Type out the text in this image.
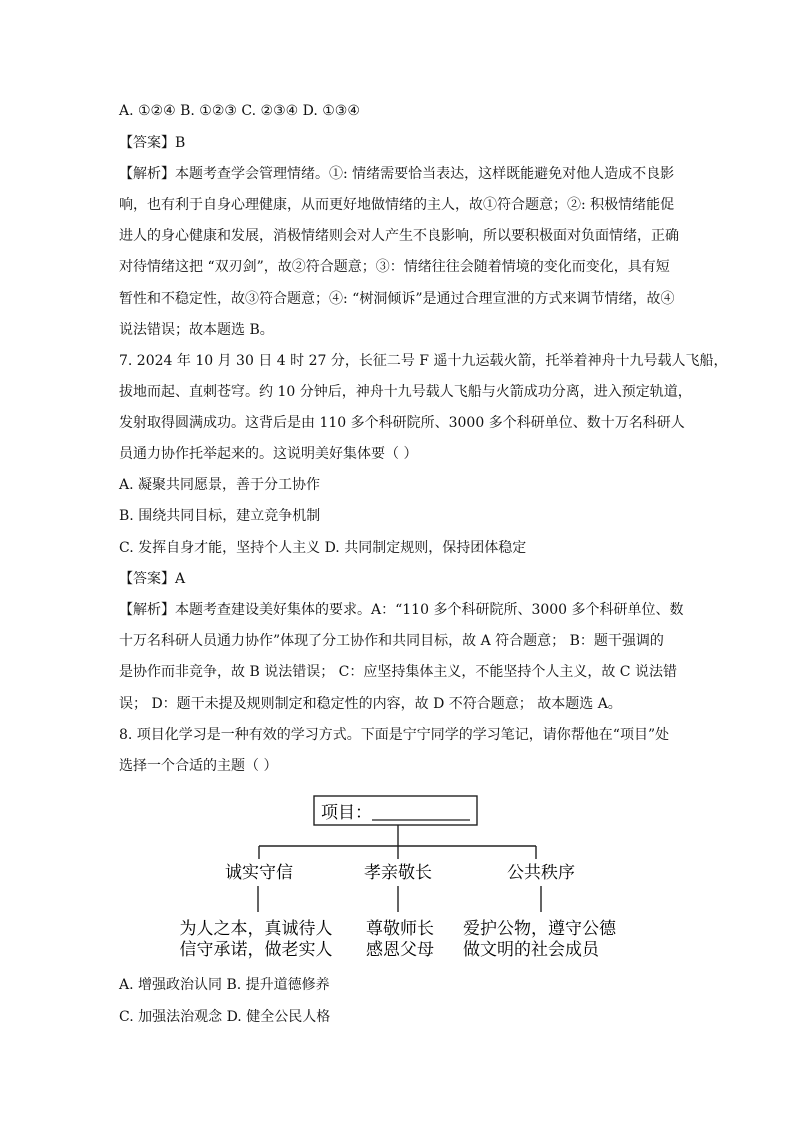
A. ①②④ B. ①②③ C. ②③④ D. ①③④
【答案】B
【解析】本题考查学会管理情绪。①: 情绪需要恰当表达，这样既能避免对他人造成不良影
响，也有利于自身心理健康，从而更好地做情绪的主人，故①符合题意；②: 积极情绪能促
进人的身心健康和发展，消极情绪则会对人产生不良影响，所以要积极面对负面情绪，正确
对待情绪这把 “双刃剑”，故②符合题意；③：情绪往往会随着情境的变化而变化，具有短
暂性和不稳定性，故③符合题意；④: “树洞倾诉”是通过合理宣泄的方式来调节情绪，故④
说法错误；故本题选 B。
7. 2024 年 10 月 30 日 4 时 27 分，长征二号 F 遥十九运载火箭，托举着神舟十九号载人飞船，
拔地而起、直刺苍穹。约 10 分钟后，神舟十九号载人飞船与火箭成功分离，进入预定轨道，
发射取得圆满成功。这背后是由 110 多个科研院所、3000 多个科研单位、数十万名科研人
员通力协作托举起来的。这说明美好集体要（ ）
A. 凝聚共同愿景，善于分工协作
B. 围绕共同目标，建立竞争机制
C. 发挥自身才能，坚持个人主义 D. 共同制定规则，保持团体稳定
【答案】A
【解析】本题考查建设美好集体的要求。A：“110 多个科研院所、3000 多个科研单位、数
十万名科研人员通力协作”体现了分工协作和共同目标，故 A 符合题意； B：题干强调的
是协作而非竞争，故 B 说法错误； C：应坚持集体主义，不能坚持个人主义，故 C 说法错
误； D：题干未提及规则制定和稳定性的内容，故 D 不符合题意； 故本题选 A。
8. 项目化学习是一种有效的学习方式。下面是宁宁同学的学习笔记，请你帮他在“项目”处
选择一个合适的主题（ ）
项目：
诚实守信	孝亲敬长	公共秩序
为人之本，真诚待人
信守承诺，做老实人
尊敬师长
感恩父母
爱护公物，遵守公德
做文明的社会成员
A. 增强政治认同 B. 提升道德修养
C. 加强法治观念 D. 健全公民人格
